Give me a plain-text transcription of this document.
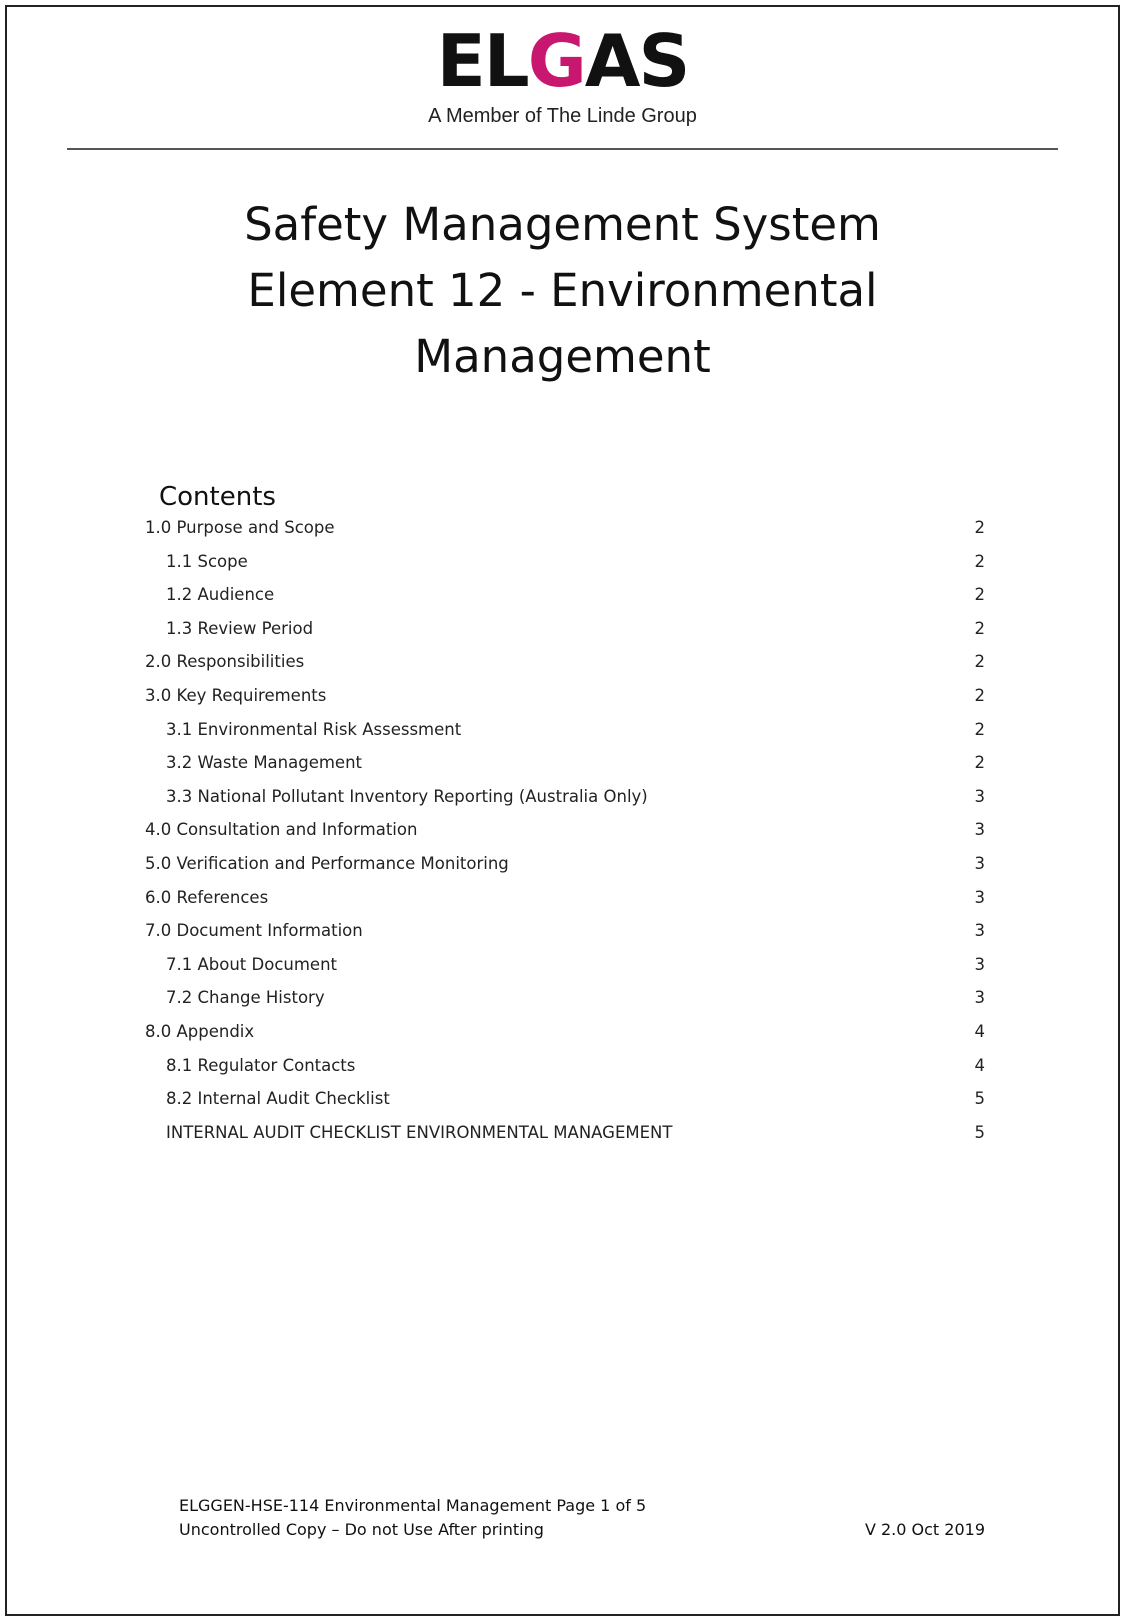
ELGAS
A Member of The Linde Group
Safety Management System
Element 12 - Environmental
Management
Contents
1.0 Purpose and Scope	2
1.1 Scope	2
1.2 Audience	2
1.3 Review Period	2
2.0 Responsibilities	2
3.0 Key Requirements	2
3.1 Environmental Risk Assessment	2
3.2 Waste Management	2
3.3 National Pollutant Inventory Reporting (Australia Only)	3
4.0 Consultation and Information	3
5.0 Verification and Performance Monitoring	3
6.0 References	3
7.0 Document Information	3
7.1 About Document	3
7.2 Change History	3
8.0 Appendix	4
8.1 Regulator Contacts	4
8.2 Internal Audit Checklist	5
INTERNAL AUDIT CHECKLIST ENVIRONMENTAL MANAGEMENT	5
ELGGEN-HSE-114 Environmental Management Page 1 of 5
Uncontrolled Copy – Do not Use After printing	V 2.0 Oct 2019
